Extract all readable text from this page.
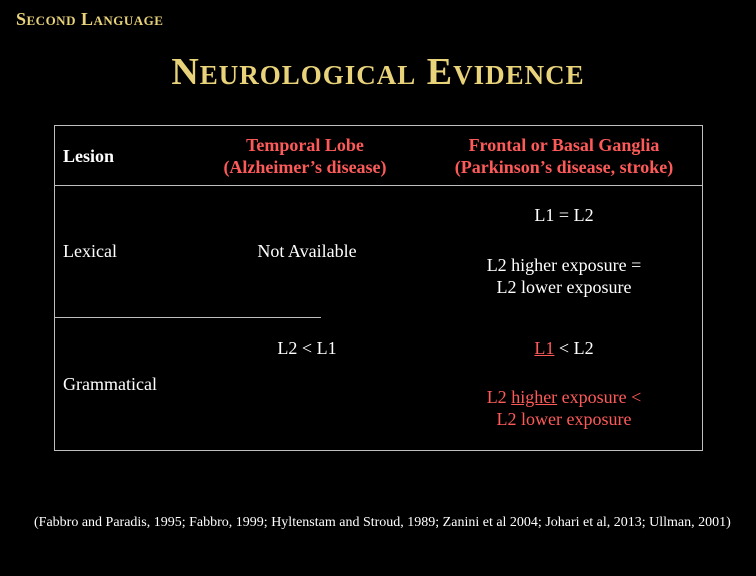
Second Language
Neurological Evidence
Lesion
Temporal Lobe
(Alzheimer’s disease)
Frontal or Basal Ganglia
(Parkinson’s disease, stroke)
Lexical	Not Available
L1 = L2
L2 higher exposure =
L2 lower exposure
Grammatical
L2 < L1	L1 < L2
L2 higher exposure <
L2 lower exposure
(Fabbro and Paradis, 1995; Fabbro, 1999; Hyltenstam and Stroud, 1989; Zanini et al 2004; Johari et al, 2013; Ullman, 2001)
